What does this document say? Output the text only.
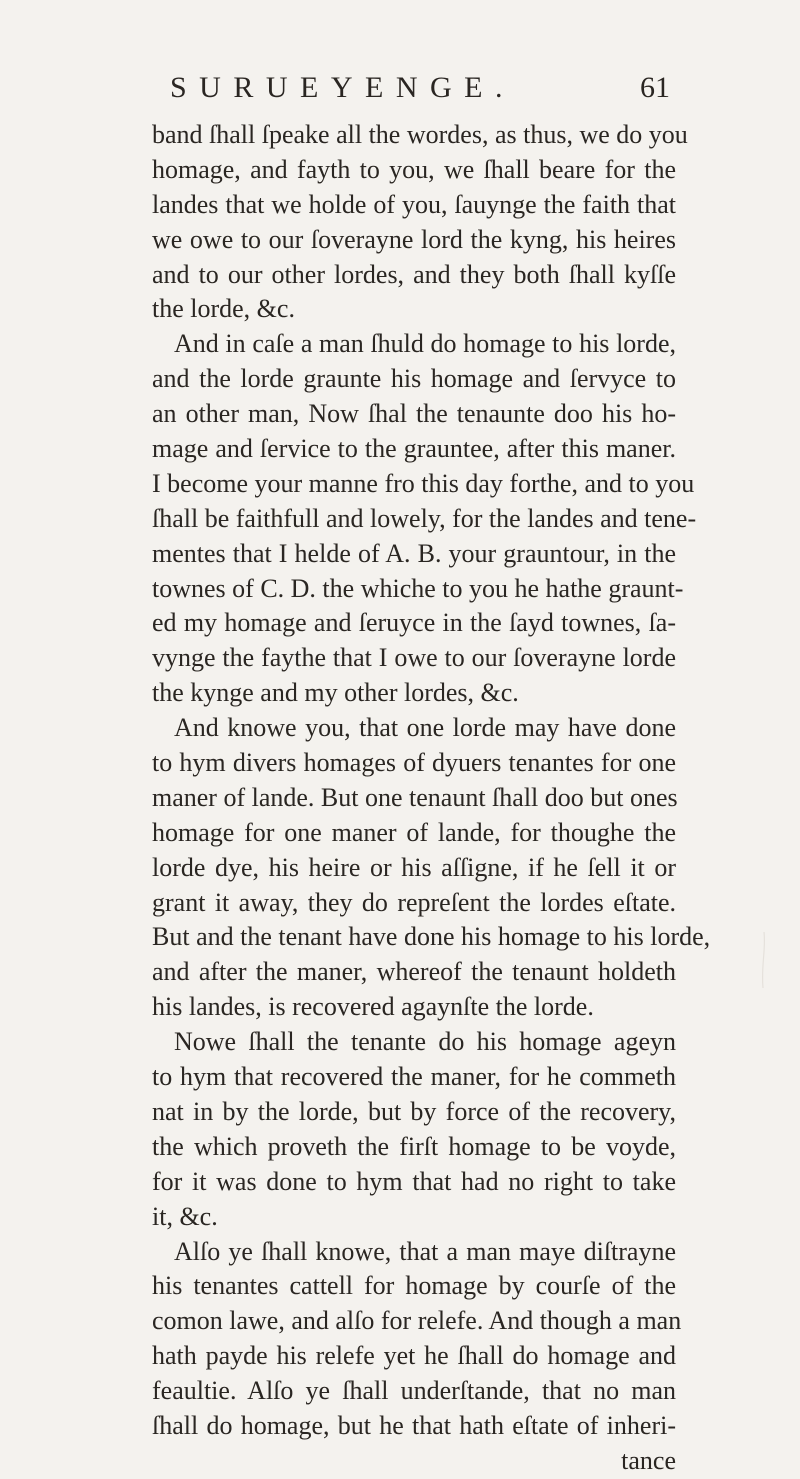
SURUEYENGE.	61
band ſhall ſpeake all the wordes, as thus, we do you
homage, and fayth to you, we ſhall beare for the
landes that we holde of you, ſauynge the faith that
we owe to our ſoverayne lord the kyng, his heires
and to our other lordes, and they both ſhall kyſſe
the lorde, &c.
And in caſe a man ſhuld do homage to his lorde,
and the lorde graunte his homage and ſervyce to
an other man, Now ſhal the tenaunte doo his ho-
mage and ſervice to the grauntee, after this maner.
I become your manne fro this day forthe, and to you
ſhall be faithfull and lowely, for the landes and tene-
mentes that I helde of A. B. your grauntour, in the
townes of C. D. the whiche to you he hathe graunt-
ed my homage and ſeruyce in the ſayd townes, ſa-
vynge the faythe that I owe to our ſoverayne lorde
the kynge and my other lordes, &c.
And knowe you, that one lorde may have done
to hym divers homages of dyuers tenantes for one
maner of lande. But one tenaunt ſhall doo but ones
homage for one maner of lande, for thoughe the
lorde dye, his heire or his aſſigne, if he ſell it or
grant it away, they do repreſent the lordes eſtate.
But and the tenant have done his homage to his lorde,
and after the maner, whereof the tenaunt holdeth
his landes, is recovered agaynſte the lorde.
Nowe ſhall the tenante do his homage ageyn
to hym that recovered the maner, for he commeth
nat in by the lorde, but by force of the recovery,
the which proveth the firſt homage to be voyde,
for it was done to hym that had no right to take
it, &c.
Alſo ye ſhall knowe, that a man maye diſtrayne
his tenantes cattell for homage by courſe of the
comon lawe, and alſo for relefe. And though a man
hath payde his relefe yet he ſhall do homage and
feaultie. Alſo ye ſhall underſtande, that no man
ſhall do homage, but he that hath eſtate of inheri-
tance
